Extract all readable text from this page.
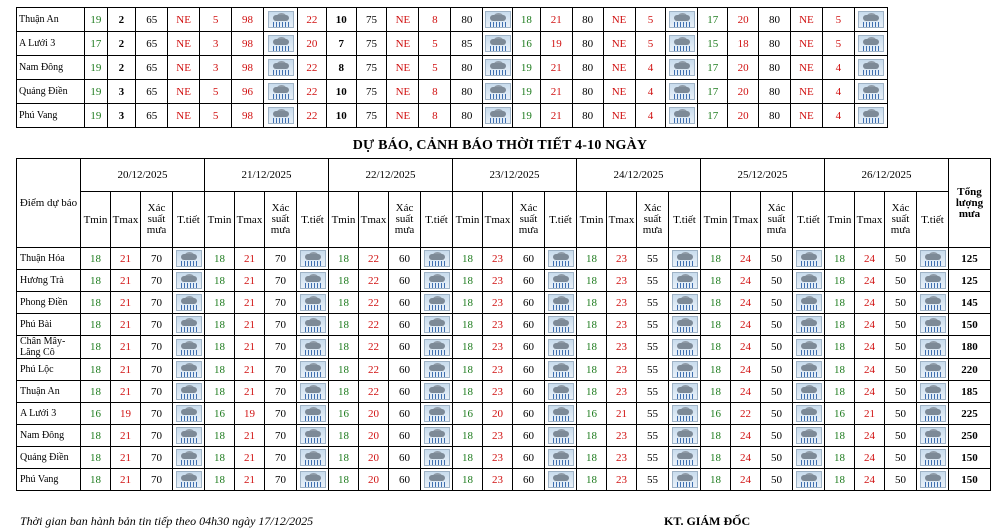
Thuận An	19	2	65	NE	5	98		22	10	75	NE	8	80		18	21	80	NE	5		17	20	80	NE	5	

A Lưới 3	17	2	65	NE	3	98		20	7	75	NE	5	85		16	19	80	NE	5		15	18	80	NE	5	

Nam Đông	19	2	65	NE	3	98		22	8	75	NE	5	80		19	21	80	NE	4		17	20	80	NE	4	

Quảng Điền	19	3	65	NE	5	96		22	10	75	NE	8	80		19	21	80	NE	4		17	20	80	NE	4	

Phú Vang	19	3	65	NE	5	98		22	10	75	NE	8	80		19	21	80	NE	4		17	20	80	NE	4	
DỰ BÁO, CẢNH BÁO THỜI TIẾT 4-10 NGÀY
Điểm dự báo	20/12/2025				21/12/2025				22/12/2025				23/12/2025				24/12/2025				25/12/2025				26/12/2025				Tổng lượng mưa
	Tmin	Tmax	Xác suất mưa	T.tiết	Tmin	Tmax	Xác suất mưa	T.tiết	Tmin	Tmax	Xác suất mưa	T.tiết	Tmin	Tmax	Xác suất mưa	T.tiết	Tmin	Tmax	Xác suất mưa	T.tiết	Tmin	Tmax	Xác suất mưa	T.tiết	Tmin	Tmax	Xác suất mưa	T.tiết	
Thuận Hóa	18	21	70		18	21	70		18	22	60		18	23	60		18	23	55		18	24	50		18	24	50		125
Hương Trà	18	21	70		18	21	70		18	22	60		18	23	60		18	23	55		18	24	50		18	24	50		125
Phong Điền	18	21	70		18	21	70		18	22	60		18	23	60		18	23	55		18	24	50		18	24	50		145
Phú Bài	18	21	70		18	21	70		18	22	60		18	23	60		18	23	55		18	24	50		18	24	50		150
Chân Mây-Lăng Cô	18	21	70		18	21	70		18	22	60		18	23	60		18	23	55		18	24	50		18	24	50		180
Phú Lộc	18	21	70		18	21	70		18	22	60		18	23	60		18	23	55		18	24	50		18	24	50		220
Thuận An	18	21	70		18	21	70		18	22	60		18	23	60		18	23	55		18	24	50		18	24	50		185
A Lưới 3	16	19	70		16	19	70		16	20	60		16	20	60		16	21	55		16	22	50		16	21	50		225
Nam Đông	18	21	70		18	21	70		18	20	60		18	23	60		18	23	55		18	24	50		18	24	50		250
Quảng Điền	18	21	70		18	21	70		18	20	60		18	23	60		18	23	55		18	24	50		18	24	50		150
Phú Vang	18	21	70		18	21	70		18	20	60		18	23	60		18	23	55		18	24	50		18	24	50		150
Thời gian ban hành bản tin tiếp theo 04h30 ngày 17/12/2025	KT. GIÁM ĐỐC
